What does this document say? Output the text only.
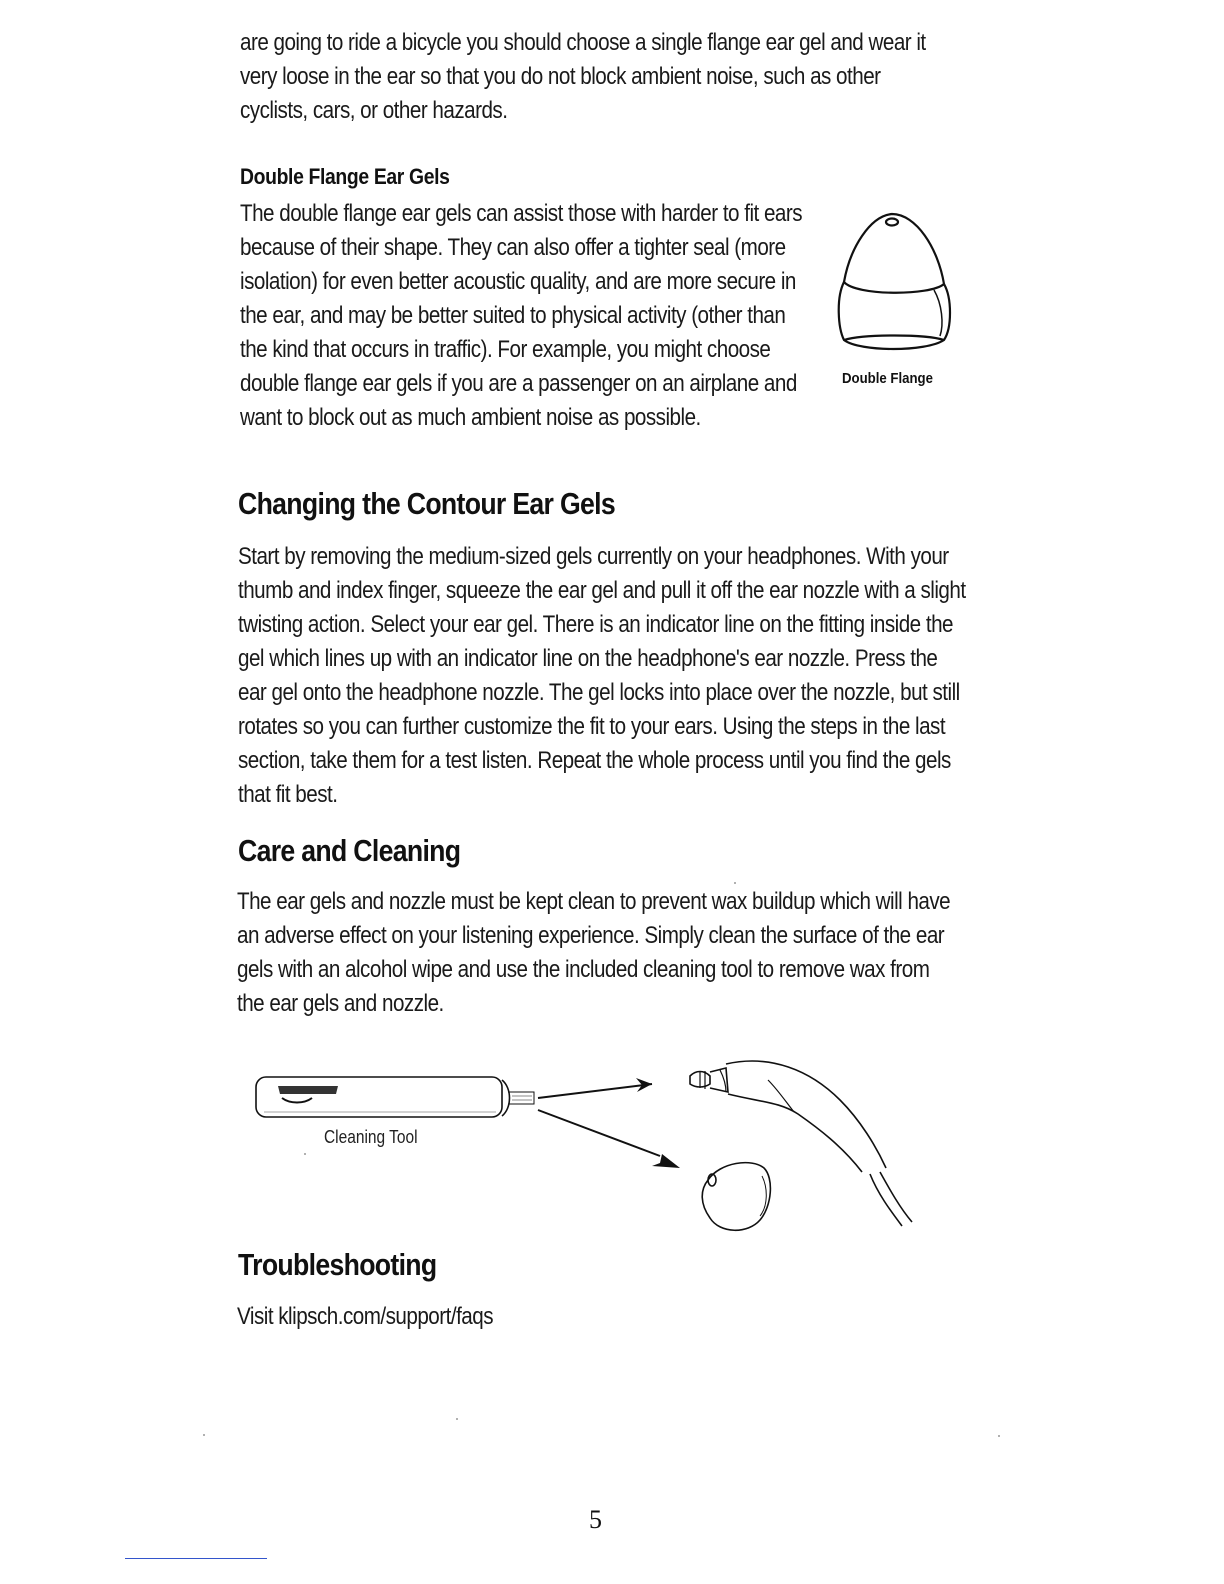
are going to ride a bicycle you should choose a single flange ear gel and wear it very loose in the ear so that you do not block ambient noise, such as other cyclists, cars, or other hazards.

Double Flange Ear Gels

The double flange ear gels can assist those with harder to fit ears because of their shape. They can also offer a tighter seal (more isolation) for even better acoustic quality, and are more secure in the ear, and may be better suited to physical activity (other than the kind that occurs in traffic). For example, you might choose double flange ear gels if you are a passenger on an airplane and want to block out as much ambient noise as possible.

Double Flange
Changing the Contour Ear Gels

Start by removing the medium-sized gels currently on your headphones. With your thumb and index finger, squeeze the ear gel and pull it off the ear nozzle with a slight twisting action. Select your ear gel. There is an indicator line on the fitting inside the gel which lines up with an indicator line on the headphone's ear nozzle. Press the ear gel onto the headphone nozzle. The gel locks into place over the nozzle, but still rotates so you can further customize the fit to your ears. Using the steps in the last section, take them for a test listen. Repeat the whole process until you find the gels that fit best.

Care and Cleaning

The ear gels and nozzle must be kept clean to prevent wax buildup which will have an adverse effect on your listening experience. Simply clean the surface of the ear gels with an alcohol wipe and use the included cleaning tool to remove wax from the ear gels and nozzle.

Cleaning Tool
Troubleshooting

Visit klipsch.com/support/faqs

5
